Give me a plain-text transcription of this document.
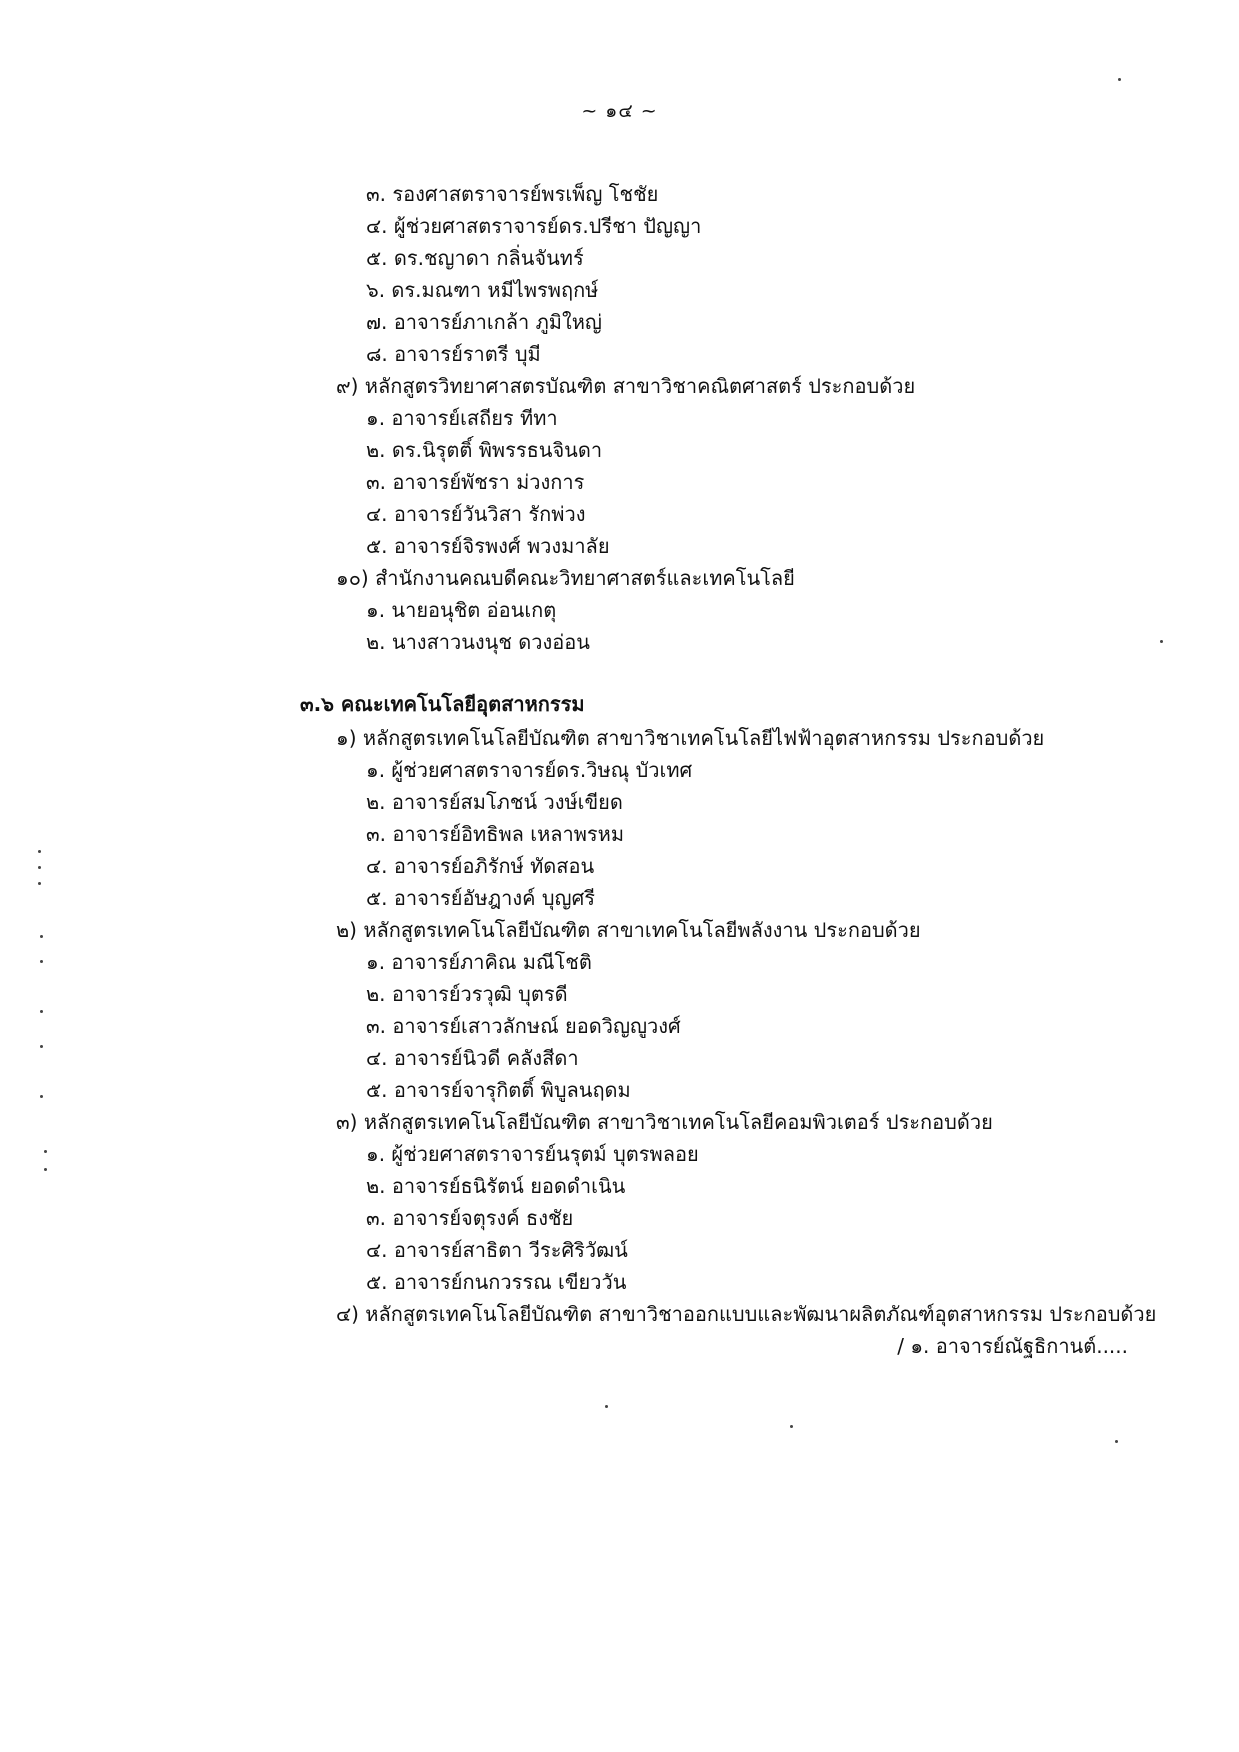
~ ๑๔ ~
๓. รองศาสตราจารย์พรเพ็ญ โชชัย
๔. ผู้ช่วยศาสตราจารย์ดร.ปรีชา ปัญญา
๕. ดร.ชญาดา กลิ่นจันทร์
๖. ดร.มณฑา หมีไพรพฤกษ์
๗. อาจารย์ภาเกล้า ภูมิใหญ่
๘. อาจารย์ราตรี บุมี
๙) หลักสูตรวิทยาศาสตรบัณฑิต สาขาวิชาคณิตศาสตร์ ประกอบด้วย
๑. อาจารย์เสถียร ทีทา
๒. ดร.นิรุตติ์ พิพรรธนจินดา
๓. อาจารย์พัชรา ม่วงการ
๔. อาจารย์วันวิสา รักพ่วง
๕. อาจารย์จิรพงศ์ พวงมาลัย
๑๐) สำนักงานคณบดีคณะวิทยาศาสตร์และเทคโนโลยี
๑. นายอนุชิต อ่อนเกตุ
๒. นางสาวนงนุช ดวงอ่อน
๓.๖ คณะเทคโนโลยีอุตสาหกรรม
๑) หลักสูตรเทคโนโลยีบัณฑิต สาขาวิชาเทคโนโลยีไฟฟ้าอุตสาหกรรม ประกอบด้วย
๑. ผู้ช่วยศาสตราจารย์ดร.วิษณุ บัวเทศ
๒. อาจารย์สมโภชน์ วงษ์เขียด
๓. อาจารย์อิทธิพล เหลาพรหม
๔. อาจารย์อภิรักษ์ ทัดสอน
๕. อาจารย์อัษฎางค์ บุญศรี
๒) หลักสูตรเทคโนโลยีบัณฑิต สาขาเทคโนโลยีพลังงาน ประกอบด้วย
๑. อาจารย์ภาคิณ มณีโชติ
๒. อาจารย์วรวุฒิ บุตรดี
๓. อาจารย์เสาวลักษณ์ ยอดวิญญูวงศ์
๔. อาจารย์นิวดี คลังสีดา
๕. อาจารย์จารุกิตติ์ พิบูลนฤดม
๓) หลักสูตรเทคโนโลยีบัณฑิต สาขาวิชาเทคโนโลยีคอมพิวเตอร์ ประกอบด้วย
๑. ผู้ช่วยศาสตราจารย์นรุตม์ บุตรพลอย
๒. อาจารย์ธนิรัตน์ ยอดดำเนิน
๓. อาจารย์จตุรงค์ ธงชัย
๔. อาจารย์สาธิตา วีระศิริวัฒน์
๕. อาจารย์กนกวรรณ เขียววัน
๔) หลักสูตรเทคโนโลยีบัณฑิต สาขาวิชาออกแบบและพัฒนาผลิตภัณฑ์อุตสาหกรรม ประกอบด้วย
/ ๑. อาจารย์ณัฐธิกานต์.....
